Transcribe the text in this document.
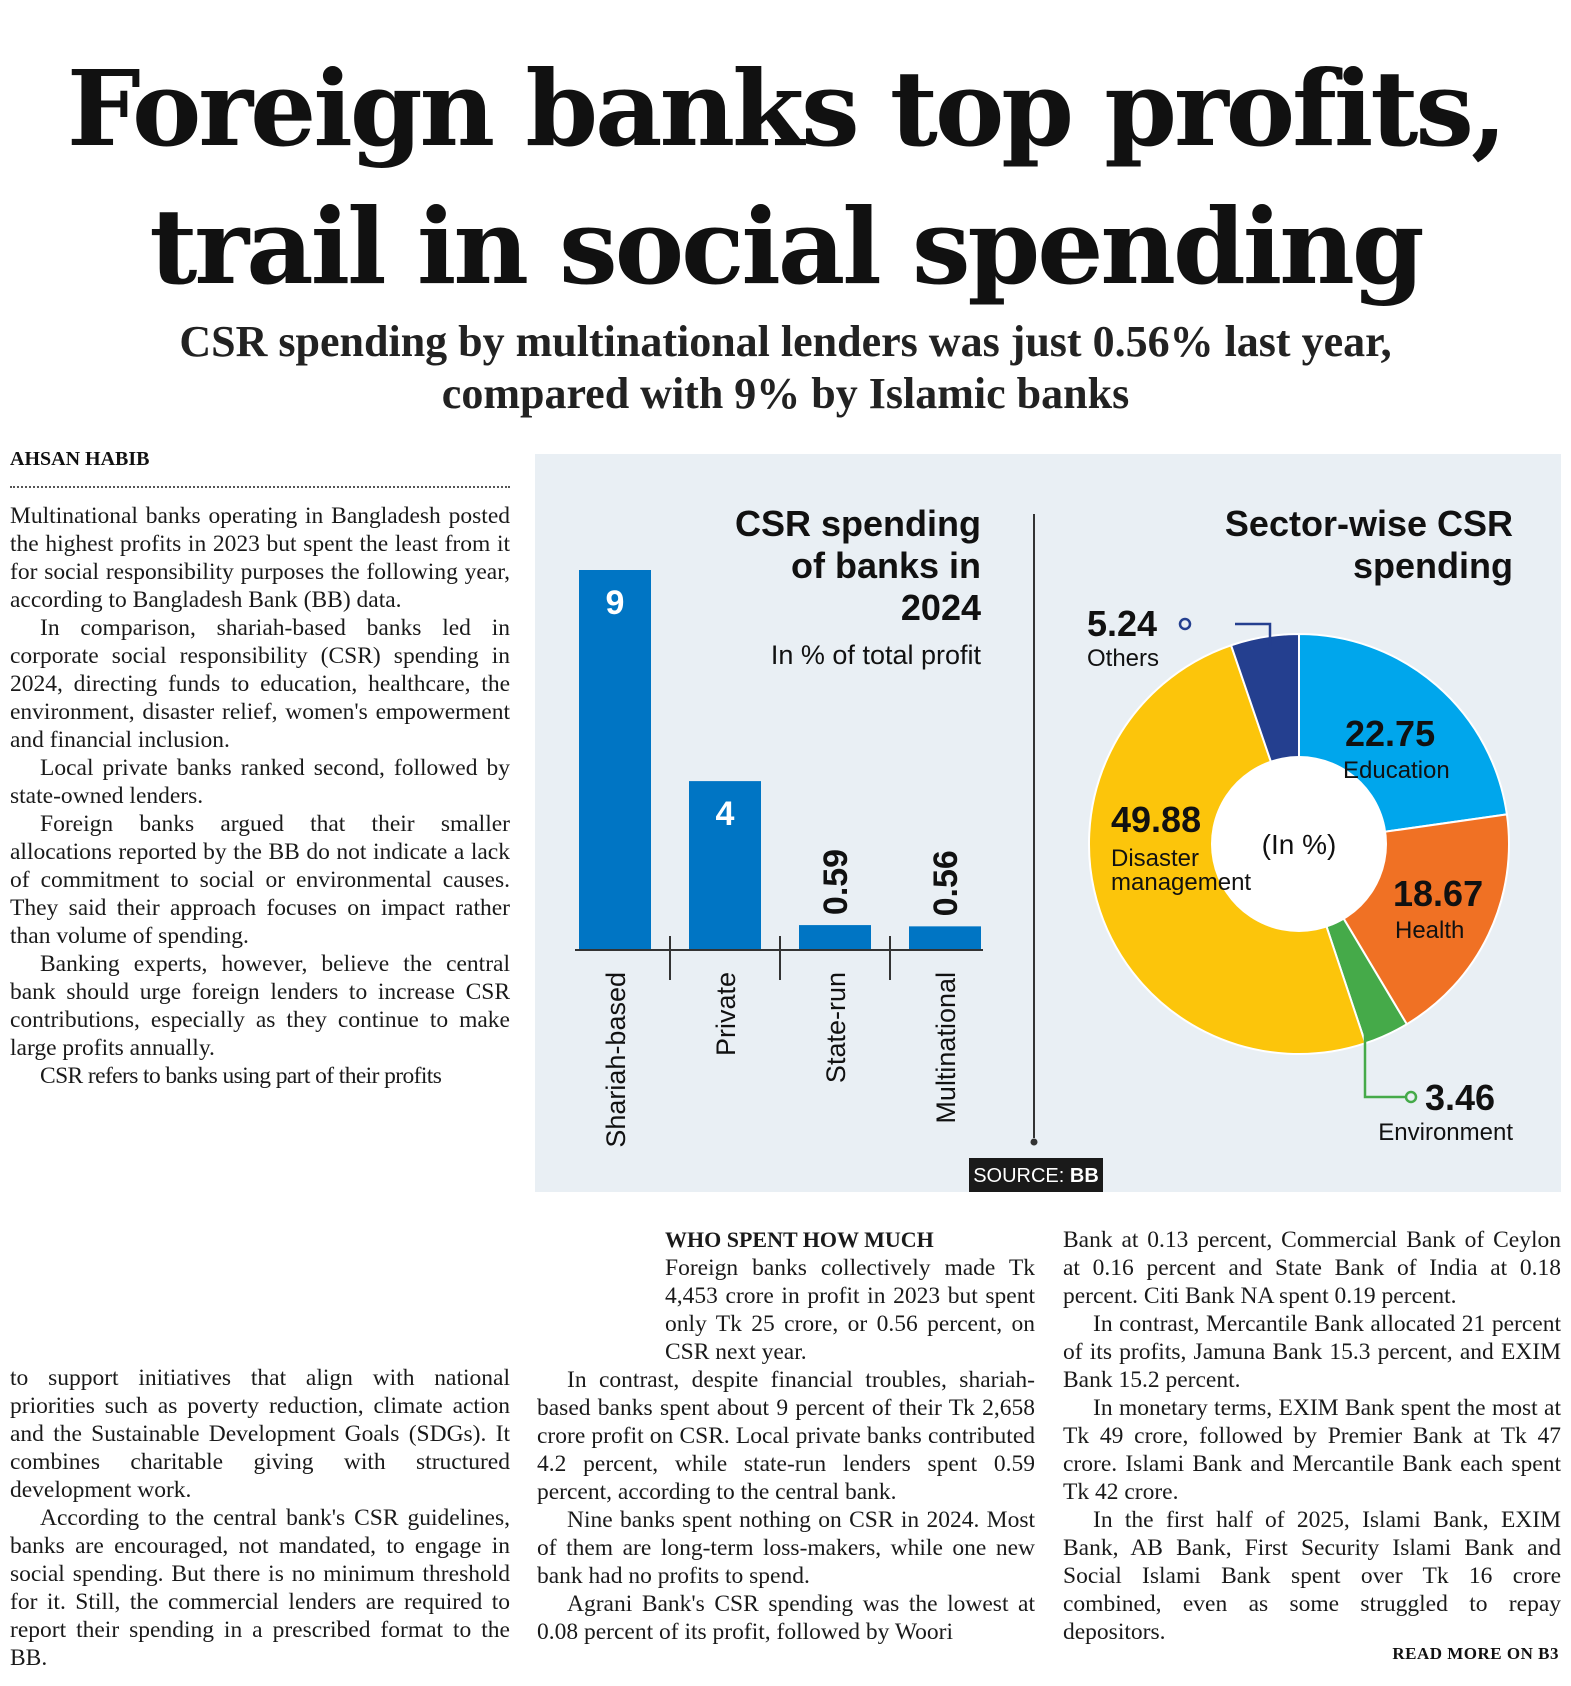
Foreign banks top profits,
trail in social spending
CSR spending by multinational lenders was just 0.56% last year,
compared with 9% by Islamic banks
AHSAN HABIB

Multinational banks operating in Bangladesh posted the highest profits in 2023 but spent the least from it for social responsibility purposes the following year, according to Bangladesh Bank (BB) data.

In comparison, shariah-based banks led in corporate social responsibility (CSR) spending in 2024, directing funds to education, healthcare, the environment, disaster relief, women's empowerment and financial inclusion.

Local private banks ranked second, followed by state-owned lenders.

Foreign banks argued that their smaller allocations reported by the BB do not indicate a lack of commitment to social or environmental causes. They said their approach focuses on impact rather than volume of spending.

Banking experts, however, believe the central bank should urge foreign lenders to increase CSR contributions, especially as they continue to make large profits annually.

CSR refers to banks using part of their profits

to support initiatives that align with national priorities such as poverty reduction, climate action and the Sustainable Development Goals (SDGs). It combines charitable giving with structured development work.

According to the central bank's CSR guidelines, banks are encouraged, not mandated, to engage in social spending. But there is no minimum threshold for it. Still, the commercial lenders are required to report their spending in a prescribed format to the BB.

WHO SPENT HOW MUCH

Foreign banks collectively made Tk 4,453 crore in profit in 2023 but spent only Tk 25 crore, or 0.56 percent, on CSR next year.

In contrast, despite financial troubles, shariah-based banks spent about 9 percent of their Tk 2,658 crore profit on CSR. Local private banks contributed 4.2 percent, while state-run lenders spent 0.59 percent, according to the central bank.

Nine banks spent nothing on CSR in 2024. Most of them are long-term loss-makers, while one new bank had no profits to spend.

Agrani Bank's CSR spending was the lowest at 0.08 percent of its profit, followed by Woori

Bank at 0.13 percent, Commercial Bank of Ceylon at 0.16 percent and State Bank of India at 0.18 percent. Citi Bank NA spent 0.19 percent.

In contrast, Mercantile Bank allocated 21 percent of its profits, Jamuna Bank 15.3 percent, and EXIM Bank 15.2 percent.

In monetary terms, EXIM Bank spent the most at Tk 49 crore, followed by Premier Bank at Tk 47 crore. Islami Bank and Mercantile Bank each spent Tk 42 crore.

In the first half of 2025, Islami Bank, EXIM Bank, AB Bank, First Security Islami Bank and Social Islami Bank spent over Tk 16 crore combined, even as some struggled to repay depositors.

READ MORE ON B3
CSR spending
of banks in
2024
In % of total profit
9
Shariah-based
4
Private
0.59
State-run
0.56
Multinational
Sector-wise CSR
spending
(In %)
22.75
Education
18.67
Health
49.88
Disaster
management
5.24
Others
3.46
Environment
SOURCE: BB
